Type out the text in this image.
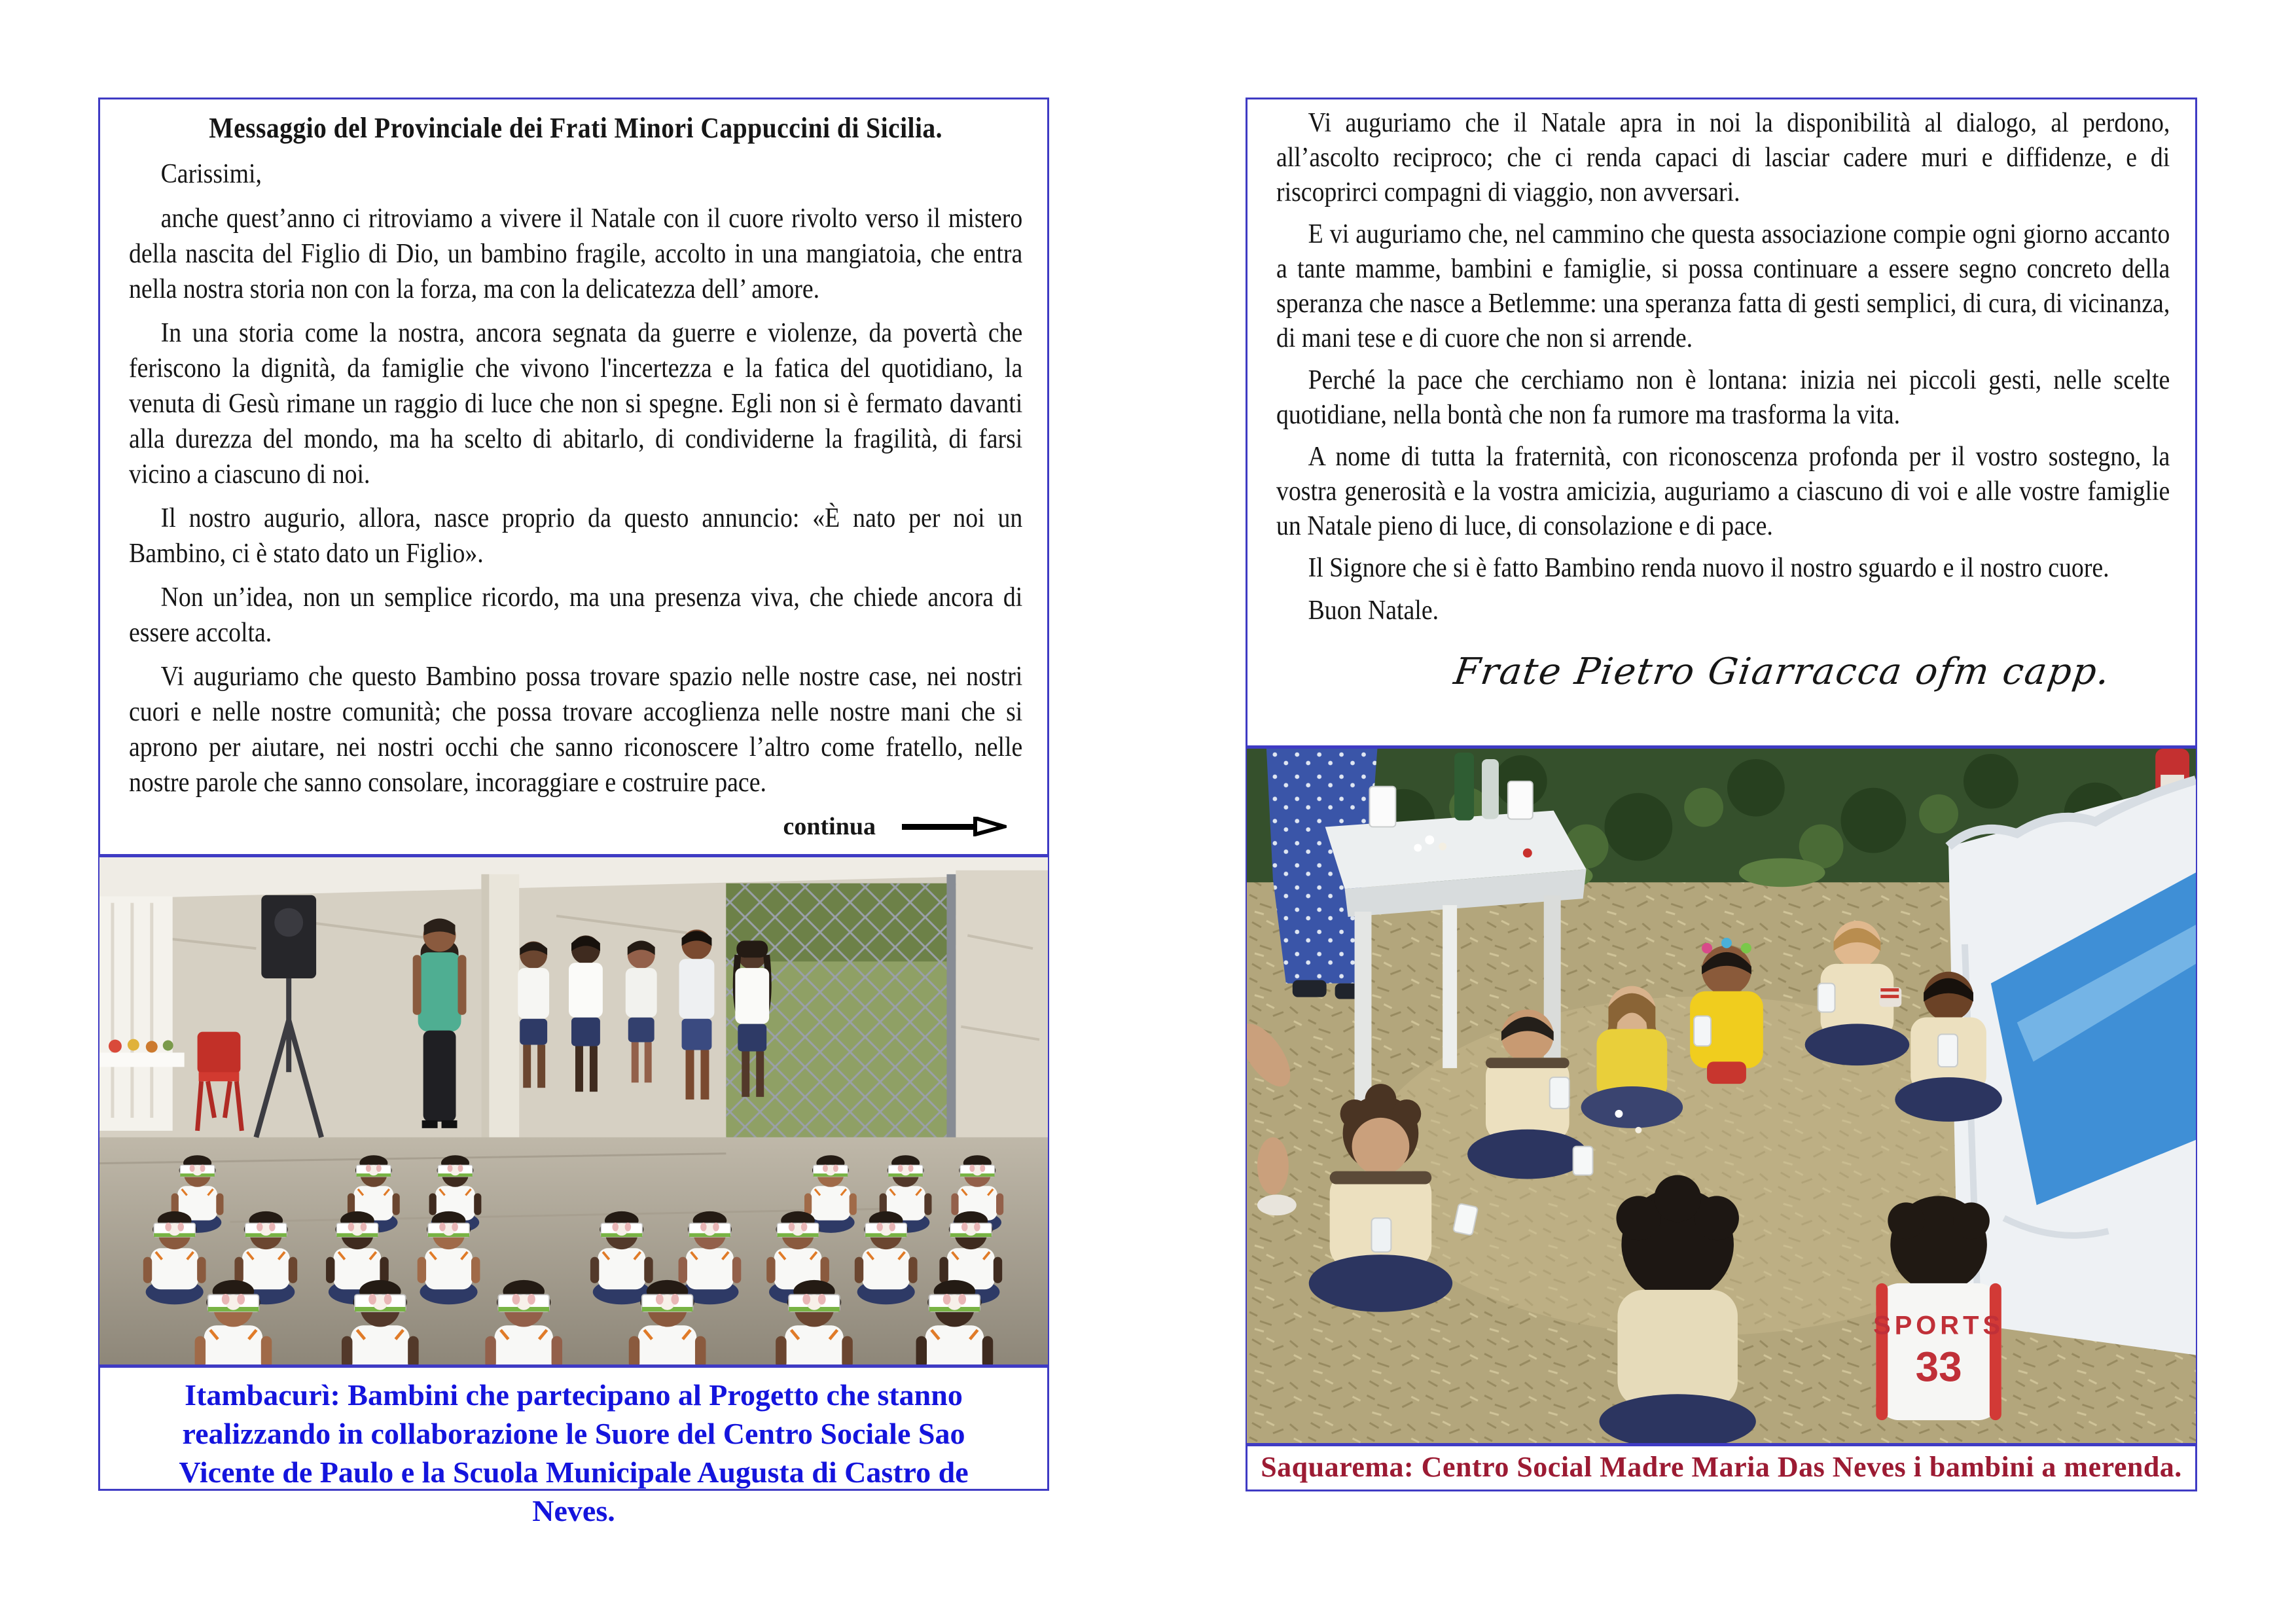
Messaggio del Provinciale dei Frati Minori Cappuccini di Sicilia.

Carissimi,

anche quest’anno ci ritroviamo a vivere il Natale con il cuore rivolto verso il mistero della nascita del Figlio di Dio, un bambino fragile, accolto in una mangiatoia, che entra nella nostra storia non con la forza, ma con la delicatezza dell’ amore.

In una storia come la nostra, ancora segnata da guerre e violenze, da povertà che feriscono la dignità, da famiglie che vivono l'incertezza e la fatica del quotidiano, la venuta di Gesù rimane un raggio di luce che non si spegne. Egli non si è fermato davanti alla durezza del mondo, ma ha scelto di abitarlo, di condividerne la fragilità, di farsi vicino a ciascuno di noi.

Il nostro augurio, allora, nasce proprio da questo annuncio: «È nato per noi un Bambino, ci è stato dato un Figlio».

Non un’idea, non un semplice ricordo, ma una presenza viva, che chiede ancora di essere accolta.

Vi auguriamo che questo Bambino possa trovare spazio nelle nostre case, nei nostri cuori e nelle nostre comunità; che possa trovare accoglienza nelle nostre mani che si aprono per aiutare, nei nostri occhi che sanno riconoscere l’altro come fratello, nelle nostre parole che sanno consolare, incoraggiare e costruire pace.

continua
Itambacurì: Bambini che partecipano al Progetto che stanno realizzando in collaborazione le Suore del Centro Sociale Sao Vicente de Paulo e la Scuola Municipale Augusta di Castro de Neves.

Vi auguriamo che il Natale apra in noi la disponibilità al dialogo, al perdono, all’ascolto reciproco; che ci renda capaci di lasciar cadere muri e diffidenze, e di riscoprirci compagni di viaggio, non avversari.

E vi auguriamo che, nel cammino che questa associazione compie ogni giorno accanto a tante mamme, bambini e famiglie, si possa continuare a essere segno concreto della speranza che nasce a Betlemme: una speranza fatta di gesti semplici, di cura, di vicinanza, di mani tese e di cuore che non si arrende.

Perché la pace che cerchiamo non è lontana: inizia nei piccoli gesti, nelle scelte quotidiane, nella bontà che non fa rumore ma trasforma la vita.

A nome di tutta la fraternità, con riconoscenza profonda per il vostro sostegno, la vostra generosità e la vostra amicizia, auguriamo a ciascuno di voi e alle vostre famiglie un Natale pieno di luce, di consolazione e di pace.

Il Signore che si è fatto Bambino renda nuovo il nostro sguardo e il nostro cuore.

Buon Natale.

Frate Pietro Giarracca ofm capp.
SPORTS
33
Saquarema: Centro Social Madre Maria Das Neves i bambini a merenda.
